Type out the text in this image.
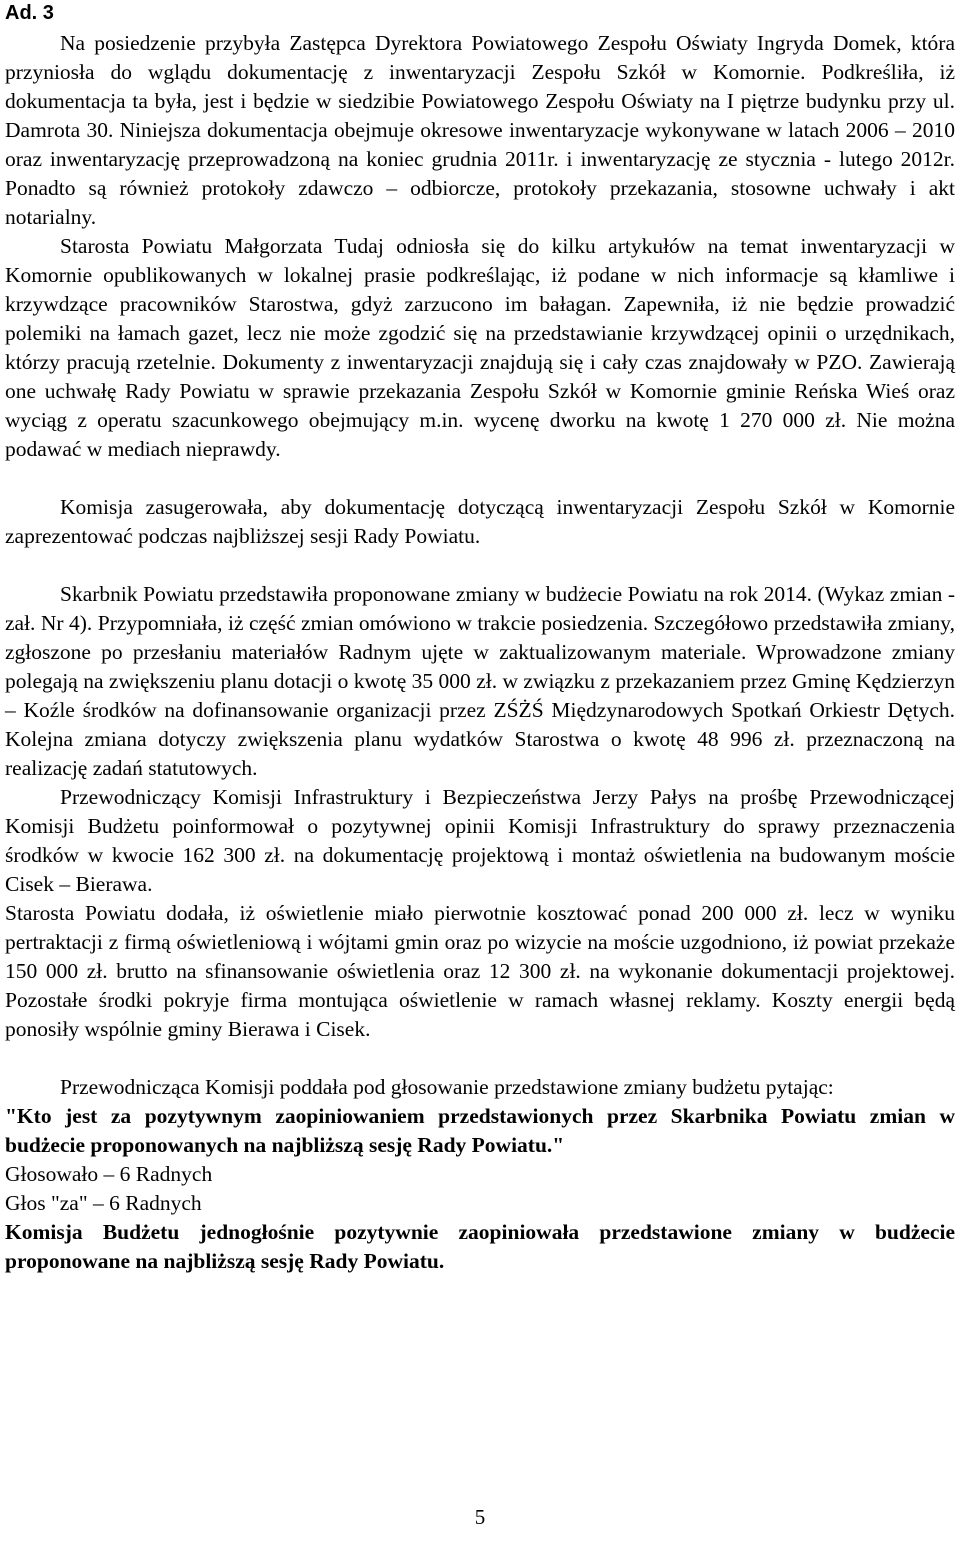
Ad. 3

Na posiedzenie przybyła Zastępca Dyrektora Powiatowego Zespołu Oświaty Ingryda Domek, która przyniosła do wglądu dokumentację z inwentaryzacji Zespołu Szkół w Komornie. Podkreśliła, iż dokumentacja ta była, jest i będzie w siedzibie Powiatowego Zespołu Oświaty na I piętrze budynku przy ul. Damrota 30. Niniejsza dokumentacja obejmuje okresowe inwentaryzacje wykonywane w latach 2006 – 2010 oraz inwentaryzację przeprowadzoną na koniec grudnia 2011r. i inwentaryzację ze stycznia - lutego 2012r. Ponadto są również protokoły zdawczo – odbiorcze, protokoły przekazania, stosowne uchwały i akt notarialny.

Starosta Powiatu Małgorzata Tudaj odniosła się do kilku artykułów na temat inwentaryzacji w Komornie opublikowanych w lokalnej prasie podkreślając, iż podane w nich informacje są kłamliwe i krzywdzące pracowników Starostwa, gdyż zarzucono im bałagan. Zapewniła, iż nie będzie prowadzić polemiki na łamach gazet, lecz nie może zgodzić się na przedstawianie krzywdzącej opinii o urzędnikach, którzy pracują rzetelnie. Dokumenty z inwentaryzacji znajdują się i cały czas znajdowały w PZO. Zawierają one uchwałę Rady Powiatu w sprawie przekazania Zespołu Szkół w Komornie gminie Reńska Wieś oraz wyciąg z operatu szacunkowego obejmujący m.in. wycenę dworku na kwotę 1 270 000 zł. Nie można podawać w mediach nieprawdy.

Komisja zasugerowała, aby dokumentację dotyczącą inwentaryzacji Zespołu Szkół w Komornie zaprezentować podczas najbliższej sesji Rady Powiatu.

Skarbnik Powiatu przedstawiła proponowane zmiany w budżecie Powiatu na rok 2014. (Wykaz zmian - zał. Nr 4). Przypomniała, iż część zmian omówiono w trakcie posiedzenia. Szczegółowo przedstawiła zmiany, zgłoszone po przesłaniu materiałów Radnym ujęte w zaktualizowanym materiale. Wprowadzone zmiany polegają na zwiększeniu planu dotacji o kwotę 35 000 zł. w związku z przekazaniem przez Gminę Kędzierzyn – Koźle środków na dofinansowanie organizacji przez ZŚŻŚ Międzynarodowych Spotkań Orkiestr Dętych. Kolejna zmiana dotyczy zwiększenia planu wydatków Starostwa o kwotę 48 996 zł. przeznaczoną na realizację zadań statutowych.

Przewodniczący Komisji Infrastruktury i Bezpieczeństwa Jerzy Pałys na prośbę Przewodniczącej Komisji Budżetu poinformował o pozytywnej opinii Komisji Infrastruktury do sprawy przeznaczenia środków w kwocie 162 300 zł. na dokumentację projektową i montaż oświetlenia na budowanym moście Cisek – Bierawa.

Starosta Powiatu dodała, iż oświetlenie miało pierwotnie kosztować ponad 200 000 zł. lecz w wyniku pertraktacji z firmą oświetleniową i wójtami gmin oraz po wizycie na moście uzgodniono, iż powiat przekaże 150 000 zł. brutto na sfinansowanie oświetlenia oraz 12 300 zł. na wykonanie dokumentacji projektowej. Pozostałe środki pokryje firma montująca oświetlenie w ramach własnej reklamy. Koszty energii będą ponosiły wspólnie gminy Bierawa i Cisek.

Przewodnicząca Komisji poddała pod głosowanie przedstawione zmiany budżetu pytając:

"Kto jest za pozytywnym zaopiniowaniem przedstawionych przez Skarbnika Powiatu zmian w budżecie proponowanych na najbliższą sesję Rady Powiatu."

Głosowało – 6 Radnych

Głos "za" – 6 Radnych

Komisja Budżetu jednogłośnie pozytywnie zaopiniowała przedstawione zmiany w budżecie proponowane na najbliższą sesję Rady Powiatu.

5
